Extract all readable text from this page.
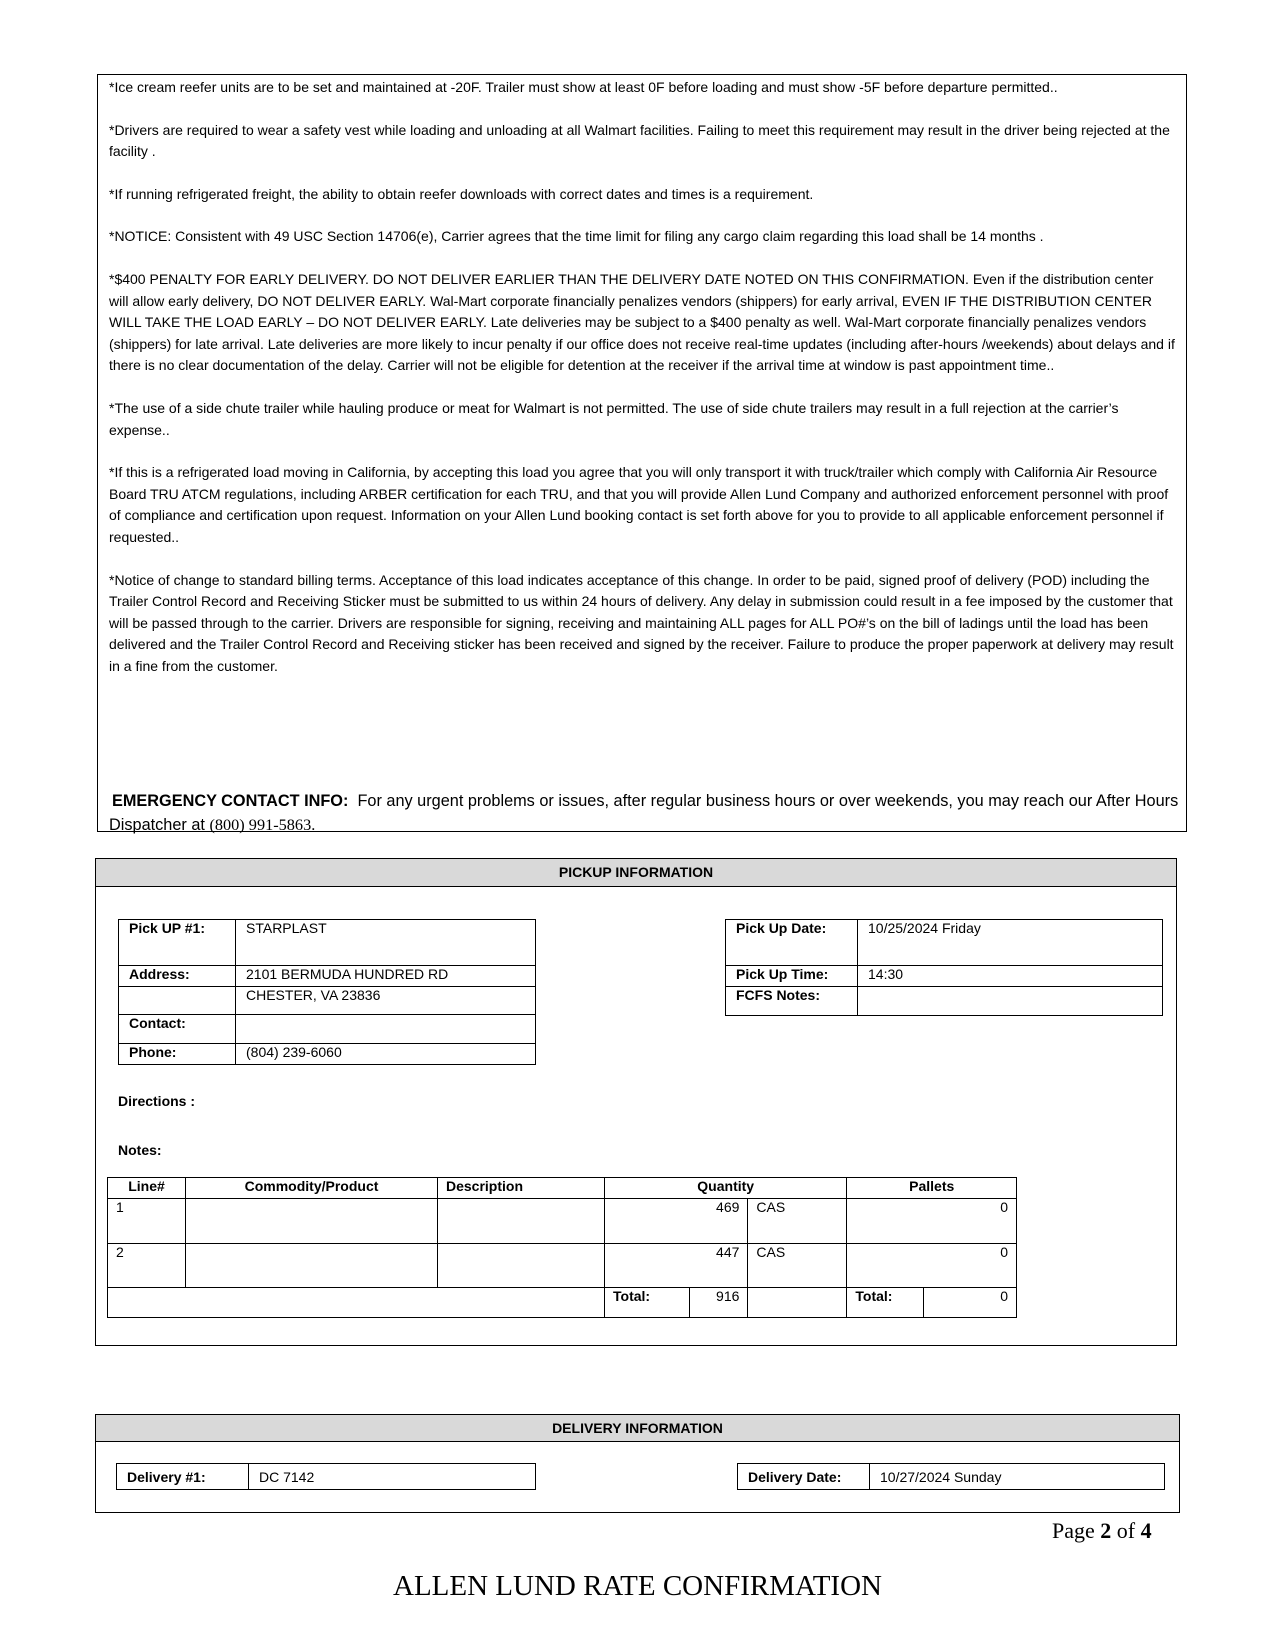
*Ice cream reefer units are to be set and maintained at -20F. Trailer must show at least 0F before loading and must show -5F before departure permitted..

*Drivers are required to wear a safety vest while loading and unloading at all Walmart facilities. Failing to meet this requirement may result in the driver being rejected at the facility .

*If running refrigerated freight, the ability to obtain reefer downloads with correct dates and times is a requirement.

*NOTICE: Consistent with 49 USC Section 14706(e), Carrier agrees that the time limit for filing any cargo claim regarding this load shall be 14 months .

*$400 PENALTY FOR EARLY DELIVERY. DO NOT DELIVER EARLIER THAN THE DELIVERY DATE NOTED ON THIS CONFIRMATION. Even if the distribution center will allow early delivery, DO NOT DELIVER EARLY. Wal-Mart corporate financially penalizes vendors (shippers) for early arrival, EVEN IF THE DISTRIBUTION CENTER WILL TAKE THE LOAD EARLY – DO NOT DELIVER EARLY. Late deliveries may be subject to a $400 penalty as well. Wal-Mart corporate financially penalizes vendors (shippers) for late arrival. Late deliveries are more likely to incur penalty if our office does not receive real-time updates (including after-hours /weekends) about delays and if there is no clear documentation of the delay. Carrier will not be eligible for detention at the receiver if the arrival time at window is past appointment time..

*The use of a side chute trailer while hauling produce or meat for Walmart is not permitted. The use of side chute trailers may result in a full rejection at the carrier’s expense..

*If this is a refrigerated load moving in California, by accepting this load you agree that you will only transport it with truck/trailer which comply with California Air Resource Board TRU ATCM regulations, including ARBER certification for each TRU, and that you will provide Allen Lund Company and authorized enforcement personnel with proof of compliance and certification upon request. Information on your Allen Lund booking contact is set forth above for you to provide to all applicable enforcement personnel if requested..

*Notice of change to standard billing terms. Acceptance of this load indicates acceptance of this change. In order to be paid, signed proof of delivery (POD) including the Trailer Control Record and Receiving Sticker must be submitted to us within 24 hours of delivery. Any delay in submission could result in a fee imposed by the customer that will be passed through to the carrier. Drivers are responsible for signing, receiving and maintaining ALL pages for ALL PO#’s on the bill of ladings until the load has been delivered and the Trailer Control Record and Receiving sticker has been received and signed by the receiver. Failure to produce the proper paperwork at delivery may result in a fine from the customer.

EMERGENCY CONTACT INFO: For any urgent problems or issues, after regular business hours or over weekends, you may reach our After Hours Dispatcher at (800) 991-5863.
PICKUP INFORMATION
Pick UP #1:	STARPLAST
Address:	2101 BERMUDA HUNDRED RD
	CHESTER, VA 23836
Contact:	
Phone:	(804) 239-6060
Pick Up Date:	10/25/2024 Friday
Pick Up Time:	14:30
FCFS Notes:	
Directions :
Notes:
Line#	Commodity/Product	Description	Quantity			Pallets	
1			469		CAS	0	
2			447		CAS	0	
			Total:	916		Total:	0
DELIVERY INFORMATION
Delivery #1:	DC 7142	Delivery Date:	10/27/2024 Sunday
Page 2 of 4
ALLEN LUND RATE CONFIRMATION
